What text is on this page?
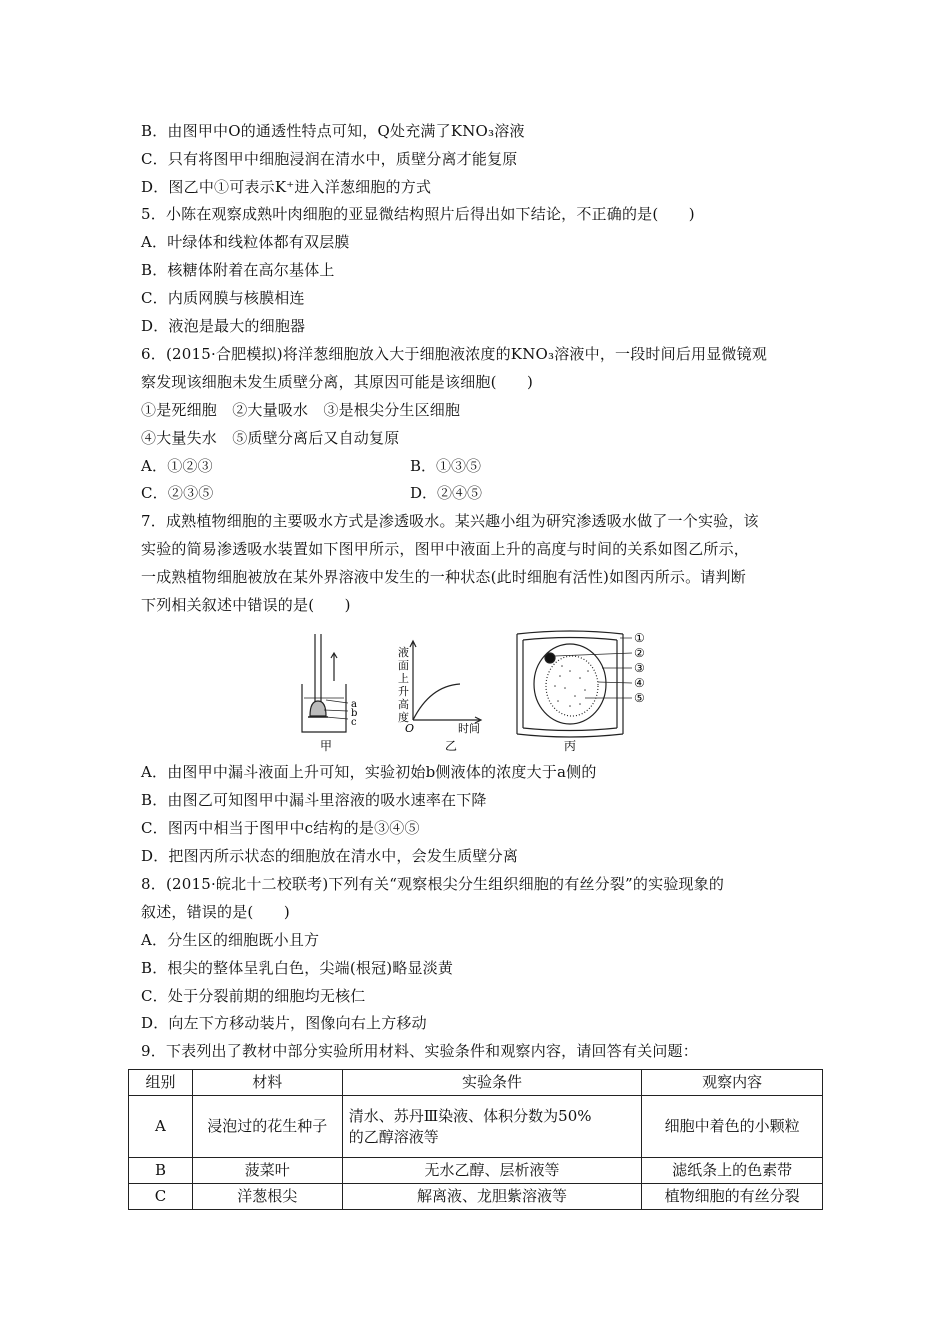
B．由图甲中O的通透性特点可知，Q处充满了KNO₃溶液
C．只有将图甲中细胞浸润在清水中，质壁分离才能复原
D．图乙中①可表示K⁺进入洋葱细胞的方式
5．小陈在观察成熟叶肉细胞的亚显微结构照片后得出如下结论，不正确的是(　　)
A．叶绿体和线粒体都有双层膜
B．核糖体附着在高尔基体上
C．内质网膜与核膜相连
D．液泡是最大的细胞器
6．(2015·合肥模拟)将洋葱细胞放入大于细胞液浓度的KNO₃溶液中，一段时间后用显微镜观
察发现该细胞未发生质壁分离，其原因可能是该细胞(　　)
①是死细胞　②大量吸水　③是根尖分生区细胞
④大量失水　⑤质壁分离后又自动复原
A．①②③	B．①③⑤
C．②③⑤	D．②④⑤
7．成熟植物细胞的主要吸水方式是渗透吸水。某兴趣小组为研究渗透吸水做了一个实验，该
实验的简易渗透吸水装置如下图甲所示，图甲中液面上升的高度与时间的关系如图乙所示，
一成熟植物细胞被放在某外界溶液中发生的一种状态(此时细胞有活性)如图丙所示。请判断
下列相关叙述中错误的是(　　)
a
b
c
甲
液
面
上
升
高
度
O	时间
乙
①
②
③
④
⑤
丙
A．由图甲中漏斗液面上升可知，实验初始b侧液体的浓度大于a侧的
B．由图乙可知图甲中漏斗里溶液的吸水速率在下降
C．图丙中相当于图甲中c结构的是③④⑤
D．把图丙所示状态的细胞放在清水中，会发生质壁分离
8．(2015·皖北十二校联考)下列有关“观察根尖分生组织细胞的有丝分裂”的实验现象的
叙述，错误的是(　　)
A．分生区的细胞既小且方
B．根尖的整体呈乳白色，尖端(根冠)略显淡黄
C．处于分裂前期的细胞均无核仁
D．向左下方移动装片，图像向右上方移动
9．下表列出了教材中部分实验所用材料、实验条件和观察内容，请回答有关问题：
组别	材料	实验条件	观察内容
A	浸泡过的花生种子	清水、苏丹Ⅲ染液、体积分数为50%
的乙醇溶液等	细胞中着色的小颗粒
B	菠菜叶	无水乙醇、层析液等	滤纸条上的色素带
C	洋葱根尖	解离液、龙胆紫溶液等	植物细胞的有丝分裂
